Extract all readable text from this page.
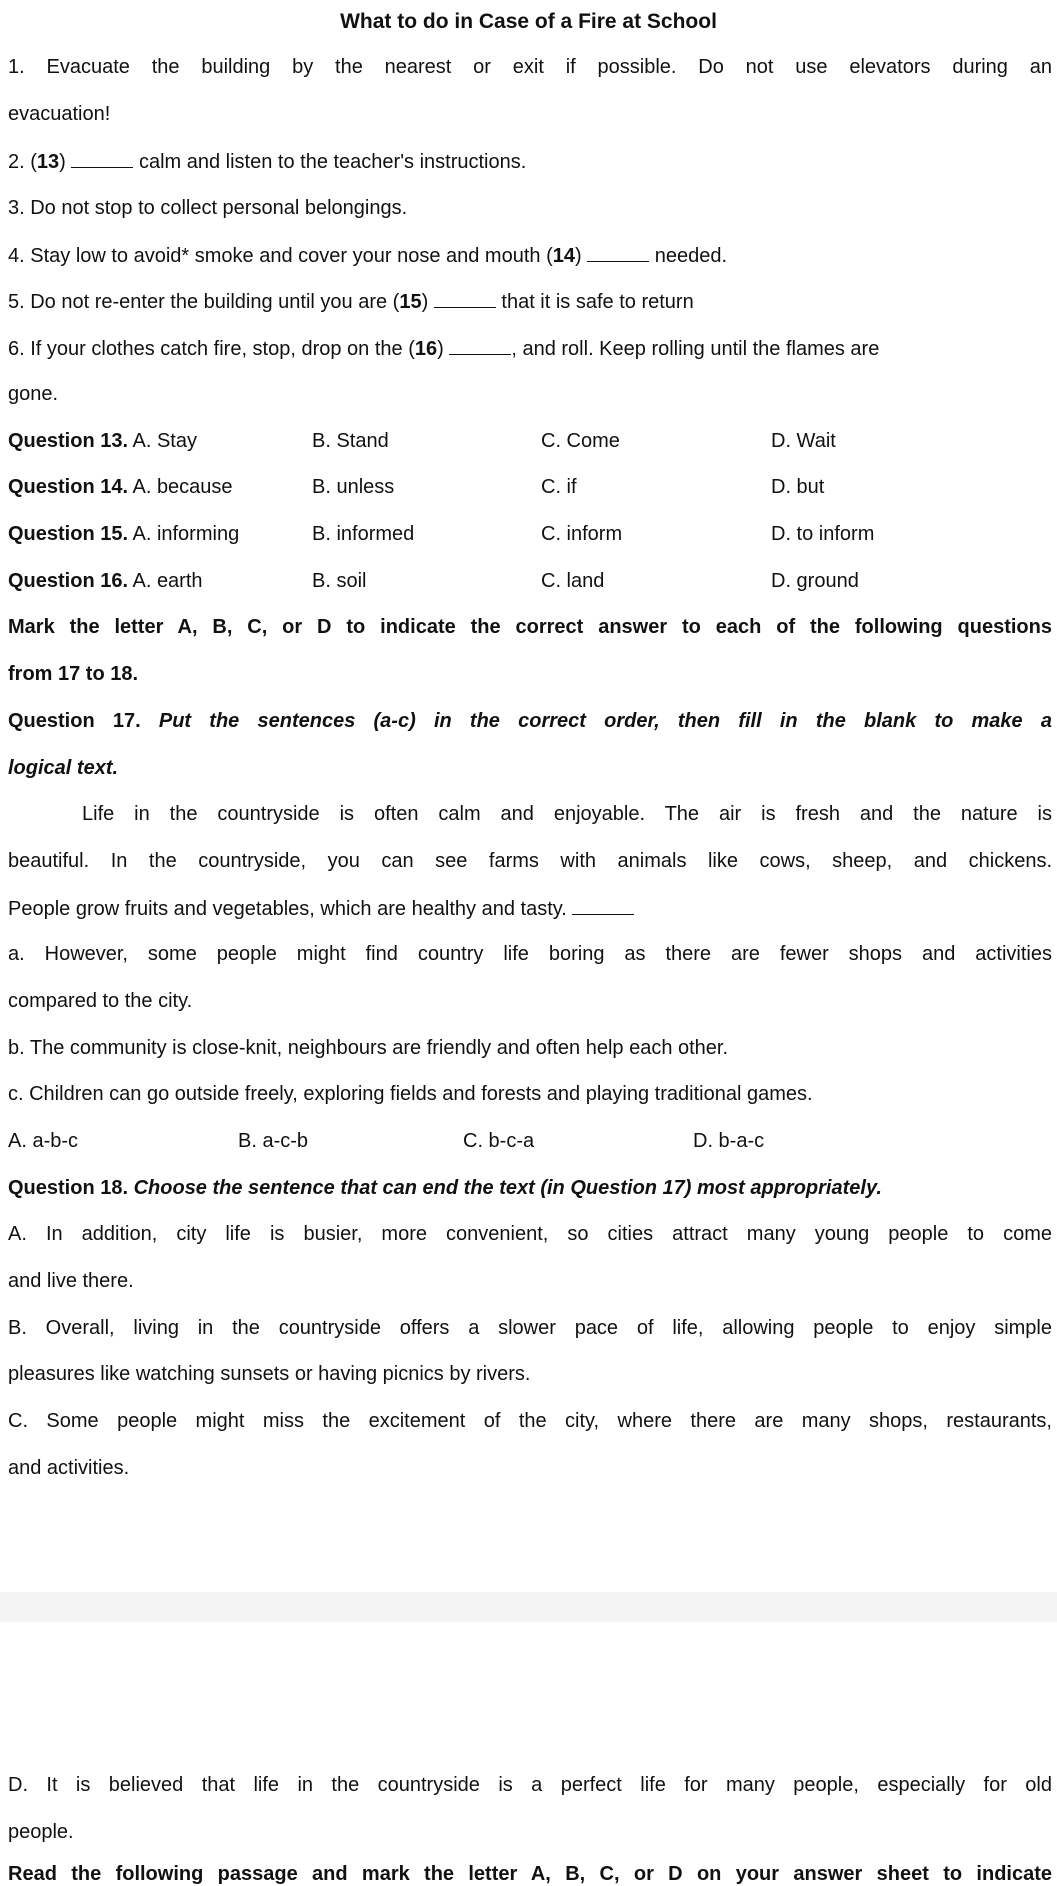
What to do in Case of a Fire at School
1. Evacuate the building by the nearest or exit if possible. Do not use elevators during an
evacuation!
2. (13)	calm and listen to the teacher's instructions.
3. Do not stop to collect personal belongings.
4. Stay low to avoid* smoke and cover your nose and mouth (14)	needed.
5. Do not re-enter the building until you are (15)	that it is safe to return
6. If your clothes catch fire, stop, drop on the (16)	, and roll. Keep rolling until the flames are
gone.
Question 13. A. Stay	B. Stand	C. Come	D. Wait
Question 14. A. because	B. unless	C. if	D. but
Question 15. A. informing	B. informed	C. inform	D. to inform
Question 16. A. earth	B. soil	C. land	D. ground
Mark the letter A, B, C, or D to indicate the correct answer to each of the following questions
from 17 to 18.
Question 17. Put the sentences (a-c) in the correct order, then fill in the blank to make a
logical text.
Life in the countryside is often calm and enjoyable. The air is fresh and the nature is
beautiful. In the countryside, you can see farms with animals like cows, sheep, and chickens.
People grow fruits and vegetables, which are healthy and tasty.
a. However, some people might find country life boring as there are fewer shops and activities
compared to the city.
b. The community is close-knit, neighbours are friendly and often help each other.
c. Children can go outside freely, exploring fields and forests and playing traditional games.
A. a-b-c	B. a-c-b	C. b-c-a	D. b-a-c
Question 18. Choose the sentence that can end the text (in Question 17) most appropriately.
A. In addition, city life is busier, more convenient, so cities attract many young people to come
and live there.
B. Overall, living in the countryside offers a slower pace of life, allowing people to enjoy simple
pleasures like watching sunsets or having picnics by rivers.
C. Some people might miss the excitement of the city, where there are many shops, restaurants,
and activities.
D. It is believed that life in the countryside is a perfect life for many people, especially for old
people.
Read the following passage and mark the letter A, B, C, or D on your answer sheet to indicate
